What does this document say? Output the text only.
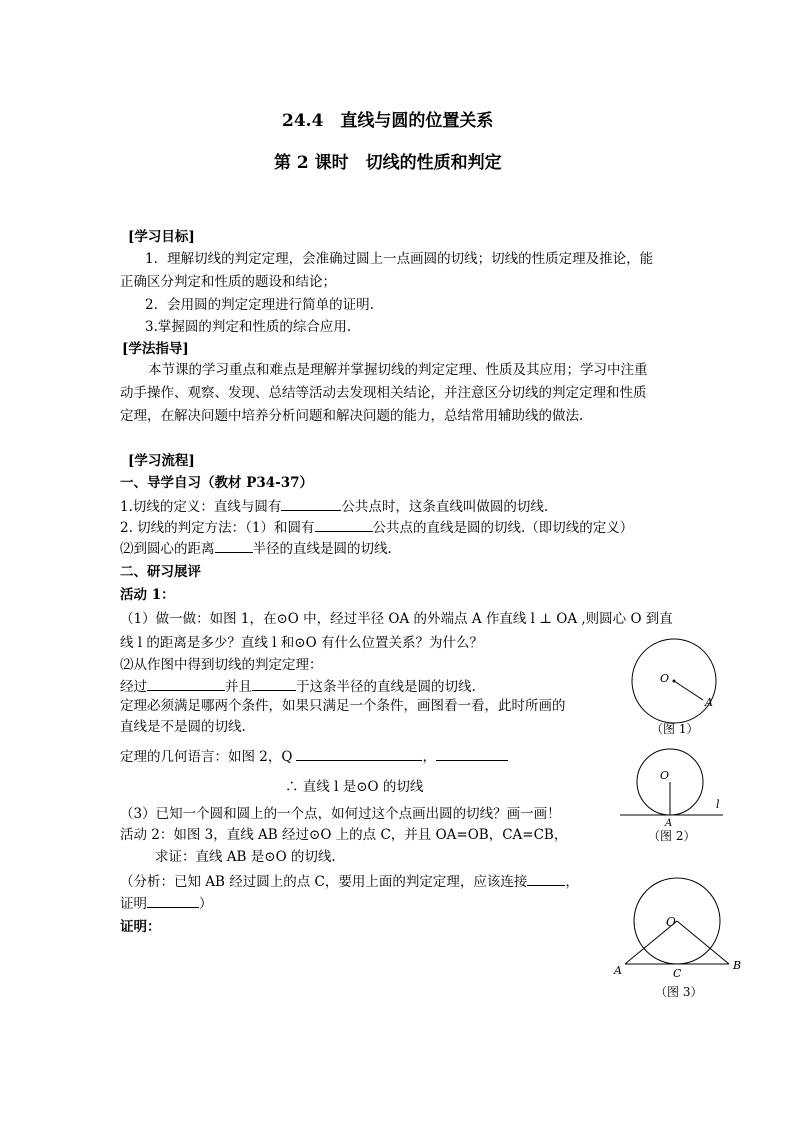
24.4　直线与圆的位置关系
第 2 课时　切线的性质和判定
[学习目标]
1．理解切线的判定定理，会准确过圆上一点画圆的切线；切线的性质定理及推论，能
正确区分判定和性质的题设和结论；
2．会用圆的判定定理进行简单的证明.
3.掌握圆的判定和性质的综合应用.
[学法指导]
本节课的学习重点和难点是理解并掌握切线的判定定理、性质及其应用；学习中注重
动手操作、观察、发现、总结等活动去发现相关结论，并注意区分切线的判定定理和性质
定理，在解决问题中培养分析问题和解决问题的能力，总结常用辅助线的做法.
[学习流程]
一、导学自习（教材 P34-37）
1.切线的定义：直线与圆有	公共点时，这条直线叫做圆的切线.
2. 切线的判定方法：（1）和圆有	公共点的直线是圆的切线.（即切线的定义）
⑵到圆心的距离	半径的直线是圆的切线.
二、研习展评
活动 1：
（1）做一做：如图 1，在⊙O 中，经过半径 OA 的外端点 A 作直线 l ⊥ OA ,则圆心 O 到直
线 l 的距离是多少？直线 l 和⊙O 有什么位置关系？为什么？
⑵从作图中得到切线的判定定理：
经过	并且	于这条半径的直线是圆的切线.
定理必须满足哪两个条件，如果只满足一个条件，画图看一看，此时所画的
直线是不是圆的切线.
定理的几何语言：如图 2，Q	，
∴ 直线 l 是⊙O 的切线
（3）已知一个圆和圆上的一个点，如何过这个点画出圆的切线？画一画！
活动 2：如图 3，直线 AB 经过⊙O 上的点 C，并且 OA=OB，CA=CB，
求证：直线 AB 是⊙O 的切线.
（分析：已知 AB 经过圆上的点 C，要用上面的判定定理，应该连接	，
证明	）
证明：
O
A
（图 1）
O
A
l
（图 2）
O
A	B
C
（图 3）
